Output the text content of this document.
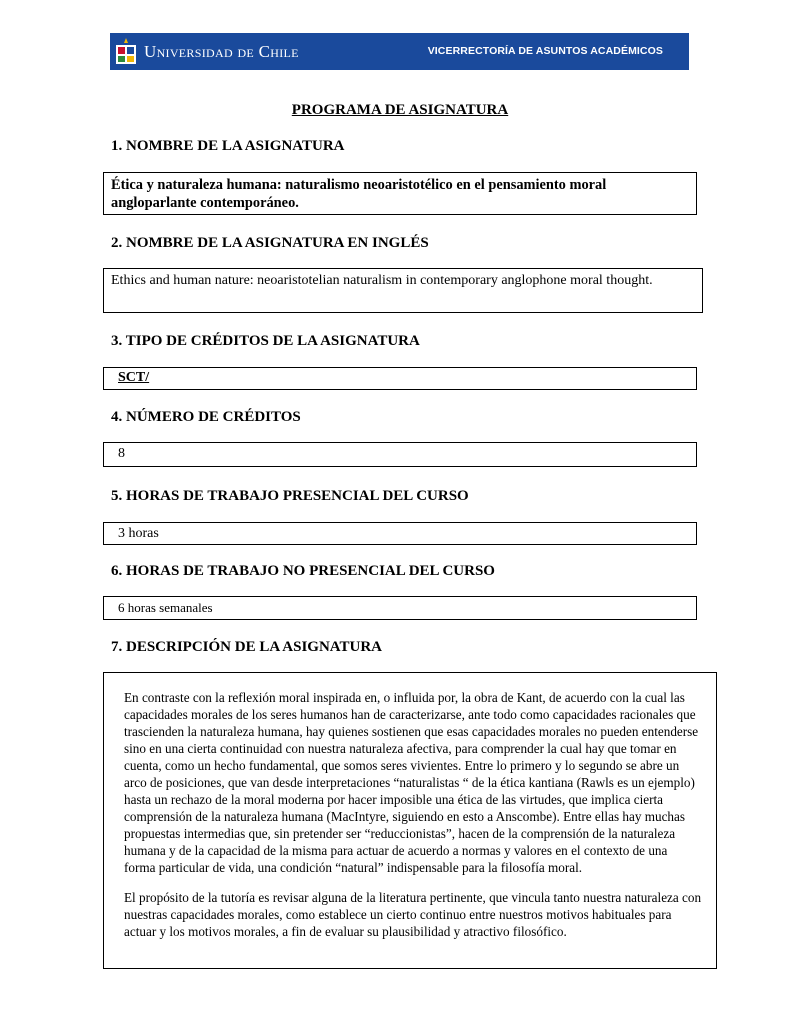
Universidad de Chile	VICERRECTORÍA DE ASUNTOS ACADÉMICOS
PROGRAMA DE ASIGNATURA
1. NOMBRE DE LA ASIGNATURA
Ética y naturaleza humana: naturalismo neoaristotélico en el pensamiento moral angloparlante contemporáneo.
2. NOMBRE DE LA ASIGNATURA EN INGLÉS
Ethics and human nature: neoaristotelian naturalism in contemporary anglophone moral thought.
3. TIPO DE CRÉDITOS DE LA ASIGNATURA
SCT/
4. NÚMERO DE CRÉDITOS
8
5. HORAS DE TRABAJO PRESENCIAL DEL CURSO
3 horas
6. HORAS DE TRABAJO NO PRESENCIAL DEL CURSO
6 horas semanales
7. DESCRIPCIÓN DE LA ASIGNATURA

En contraste con la reflexión moral inspirada en, o influida por, la obra de Kant, de acuerdo con la cual las capacidades morales de los seres humanos han de caracterizarse, ante todo como capacidades racionales que trascienden la naturaleza humana, hay quienes sostienen que esas capacidades morales no pueden entenderse sino en una cierta continuidad con nuestra naturaleza afectiva, para comprender la cual hay que tomar en cuenta, como un hecho fundamental, que somos seres vivientes. Entre lo primero y lo segundo se abre un arco de posiciones, que van desde interpretaciones “naturalistas “ de la ética kantiana (Rawls es un ejemplo) hasta un rechazo de la moral moderna por hacer imposible una ética de las virtudes, que implica cierta comprensión de la naturaleza humana (MacIntyre, siguiendo en esto a Anscombe). Entre ellas hay muchas propuestas intermedias que, sin pretender ser “reduccionistas”, hacen de la comprensión de la naturaleza humana y de la capacidad de la misma para actuar de acuerdo a normas y valores en el contexto de una forma particular de vida, una condición “natural” indispensable para la filosofía moral.

El propósito de la tutoría es revisar alguna de la literatura pertinente, que vincula tanto nuestra naturaleza con nuestras capacidades morales, como establece un cierto continuo entre nuestros motivos habituales para actuar y los motivos morales, a fin de evaluar su plausibilidad y atractivo filosófico.
